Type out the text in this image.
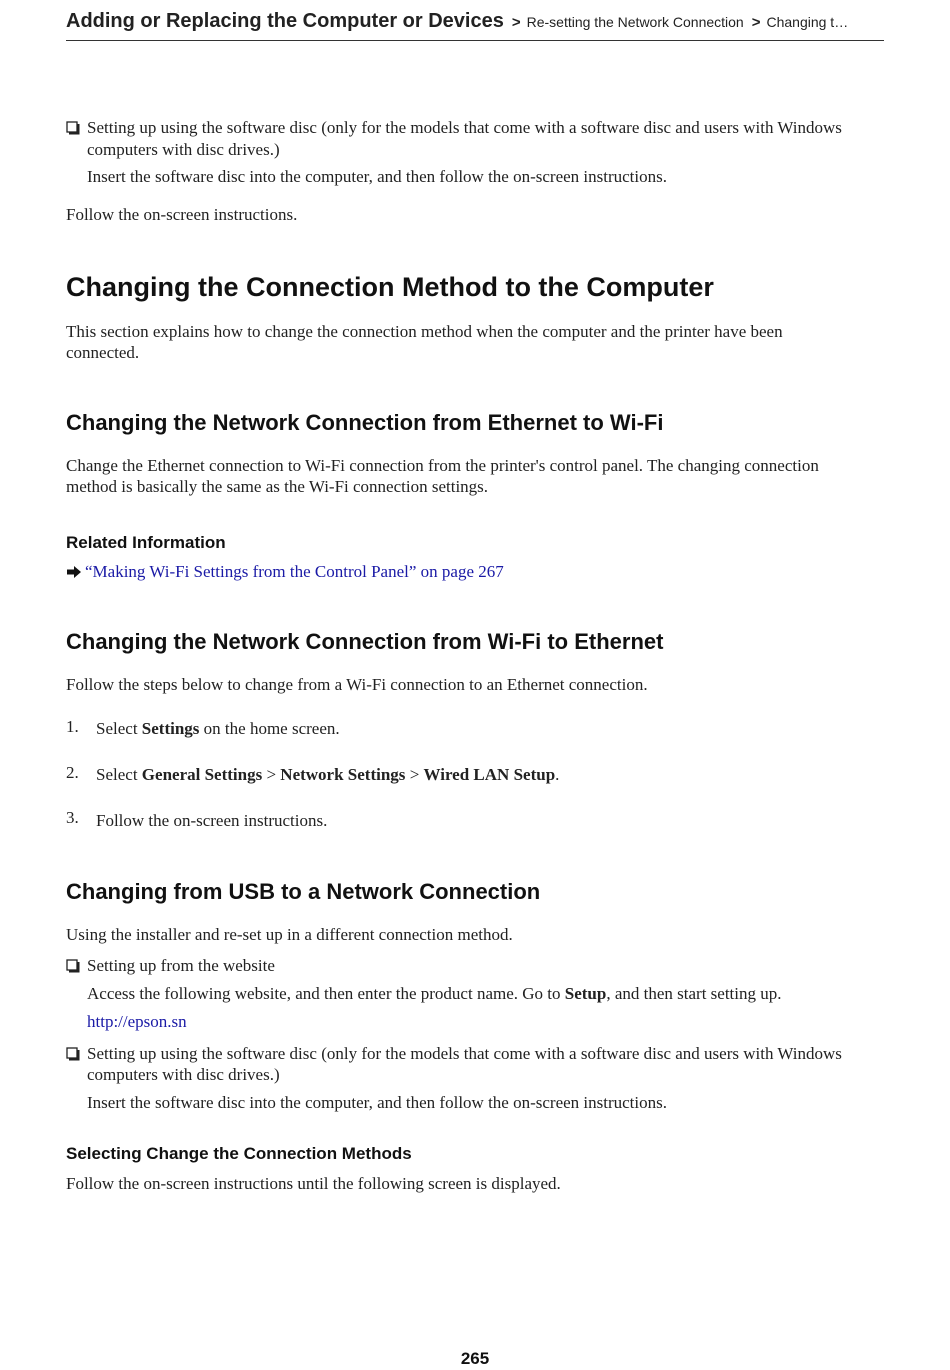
Adding or Replacing the Computer or Devices > Re-setting the Network Connection > Changing t…
Setting up using the software disc (only for the models that come with a software disc and users with Windows
computers with disc drives.)
Insert the software disc into the computer, and then follow the on-screen instructions.
Follow the on-screen instructions.
Changing the Connection Method to the Computer
This section explains how to change the connection method when the computer and the printer have been
connected.
Changing the Network Connection from Ethernet to Wi-Fi
Change the Ethernet connection to Wi-Fi connection from the printer's control panel. The changing connection
method is basically the same as the Wi-Fi connection settings.
Related Information
“Making Wi-Fi Settings from the Control Panel” on page 267
Changing the Network Connection from Wi-Fi to Ethernet
Follow the steps below to change from a Wi-Fi connection to an Ethernet connection.
1. Select Settings on the home screen.
2. Select General Settings > Network Settings > Wired LAN Setup.
3. Follow the on-screen instructions.
Changing from USB to a Network Connection
Using the installer and re-set up in a different connection method.
Setting up from the website
Access the following website, and then enter the product name. Go to Setup, and then start setting up.
http://epson.sn
Setting up using the software disc (only for the models that come with a software disc and users with Windows
computers with disc drives.)
Insert the software disc into the computer, and then follow the on-screen instructions.
Selecting Change the Connection Methods
Follow the on-screen instructions until the following screen is displayed.
265
